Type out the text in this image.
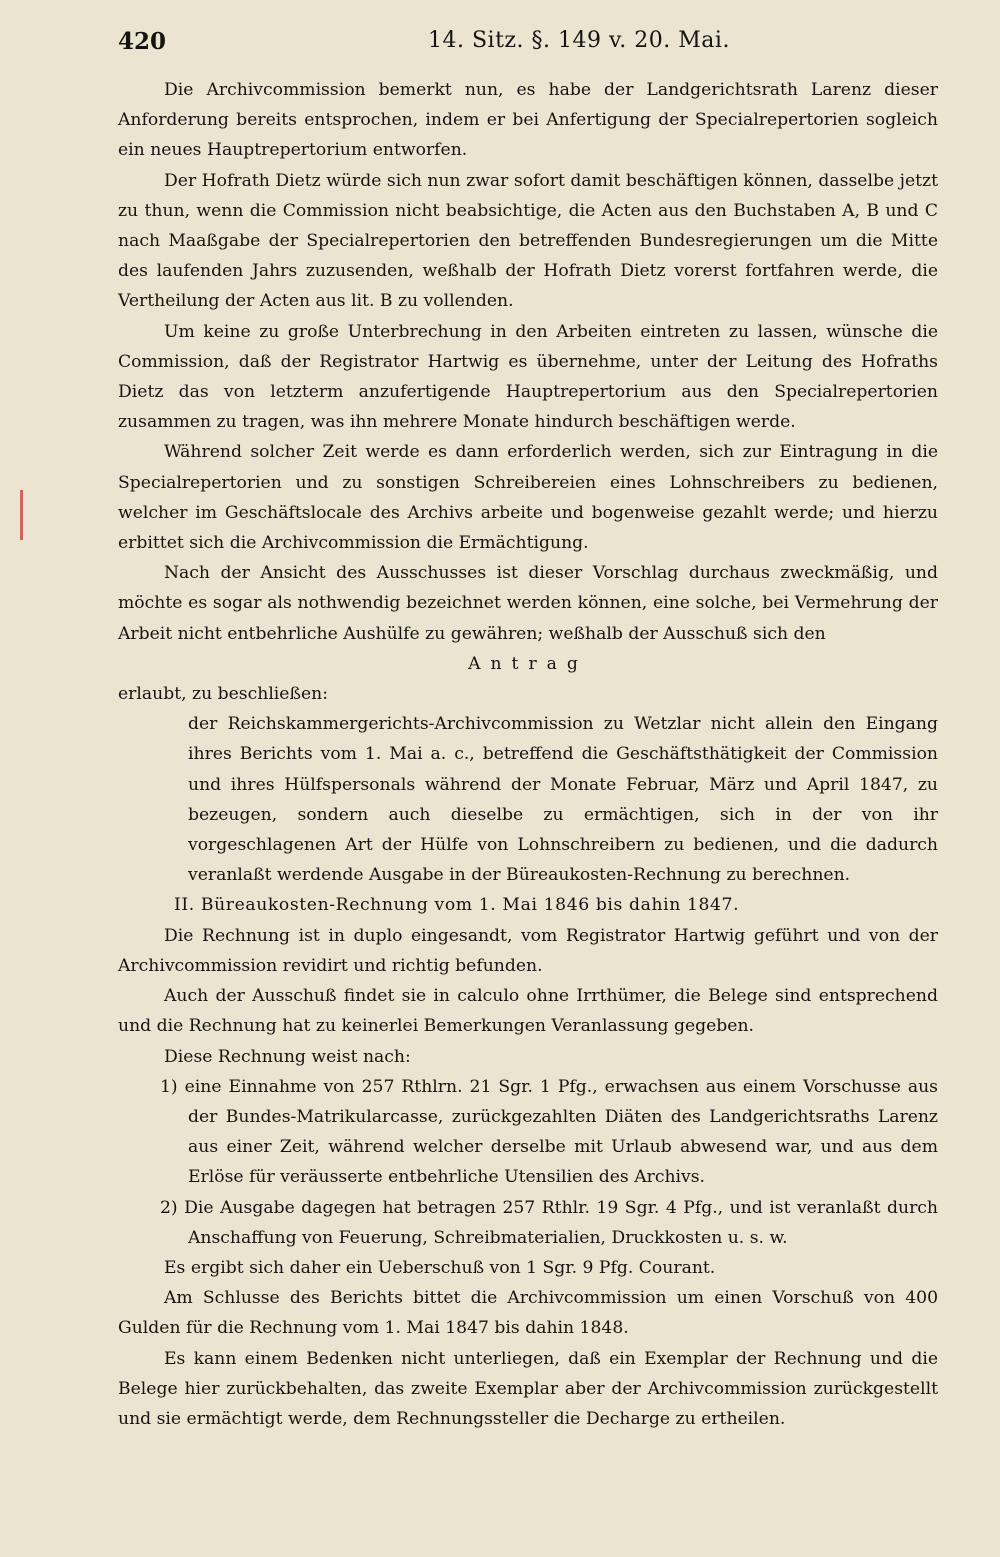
420	14. Sitz. §. 149 v. 20. Mai.

Die Archivcommission bemerkt nun, es habe der Landgerichtsrath Larenz dieser Anforderung bereits entsprochen, indem er bei Anfertigung der Specialrepertorien sogleich ein neues Hauptrepertorium entworfen.

Der Hofrath Dietz würde sich nun zwar sofort damit beschäftigen können, dasselbe jetzt zu thun, wenn die Commission nicht beabsichtige, die Acten aus den Buchstaben A, B und C nach Maaßgabe der Specialrepertorien den betreffenden Bundesregierungen um die Mitte des laufenden Jahrs zuzusenden, weßhalb der Hofrath Dietz vorerst fortfahren werde, die Vertheilung der Acten aus lit. B zu vollenden.

Um keine zu große Unterbrechung in den Arbeiten eintreten zu lassen, wünsche die Commission, daß der Registrator Hartwig es übernehme, unter der Leitung des Hofraths Dietz das von letzterm anzufertigende Hauptrepertorium aus den Specialrepertorien zusammen zu tragen, was ihn mehrere Monate hindurch beschäftigen werde.

Während solcher Zeit werde es dann erforderlich werden, sich zur Eintragung in die Specialrepertorien und zu sonstigen Schreibereien eines Lohnschreibers zu bedienen, welcher im Geschäftslocale des Archivs arbeite und bogenweise gezahlt werde; und hierzu erbittet sich die Archivcommission die Ermächtigung.

Nach der Ansicht des Ausschusses ist dieser Vorschlag durchaus zweckmäßig, und möchte es sogar als nothwendig bezeichnet werden können, eine solche, bei Vermehrung der Arbeit nicht entbehrliche Aushülfe zu gewähren; weßhalb der Ausschuß sich den

Antrag

erlaubt, zu beschließen:

der Reichskammergerichts-Archivcommission zu Wetzlar nicht allein den Eingang ihres Berichts vom 1. Mai a. c., betreffend die Geschäftsthätigkeit der Commission und ihres Hülfspersonals während der Monate Februar, März und April 1847, zu bezeugen, sondern auch dieselbe zu ermächtigen, sich in der von ihr vorgeschlagenen Art der Hülfe von Lohnschreibern zu bedienen, und die dadurch veranlaßt werdende Ausgabe in der Büreaukosten-Rechnung zu berechnen.

II. Büreaukosten-Rechnung vom 1. Mai 1846 bis dahin 1847.

Die Rechnung ist in duplo eingesandt, vom Registrator Hartwig geführt und von der Archivcommission revidirt und richtig befunden.

Auch der Ausschuß findet sie in calculo ohne Irrthümer, die Belege sind entsprechend und die Rechnung hat zu keinerlei Bemerkungen Veranlassung gegeben.

Diese Rechnung weist nach:

1) eine Einnahme von 257 Rthlrn. 21 Sgr. 1 Pfg., erwachsen aus einem Vorschusse aus der Bundes-Matrikularcasse, zurückgezahlten Diäten des Landgerichtsraths Larenz aus einer Zeit, während welcher derselbe mit Urlaub abwesend war, und aus dem Erlöse für veräusserte entbehrliche Utensilien des Archivs.

2) Die Ausgabe dagegen hat betragen 257 Rthlr. 19 Sgr. 4 Pfg., und ist veranlaßt durch Anschaffung von Feuerung, Schreibmaterialien, Druckkosten u. s. w.

Es ergibt sich daher ein Ueberschuß von 1 Sgr. 9 Pfg. Courant.

Am Schlusse des Berichts bittet die Archivcommission um einen Vorschuß von 400 Gulden für die Rechnung vom 1. Mai 1847 bis dahin 1848.

Es kann einem Bedenken nicht unterliegen, daß ein Exemplar der Rechnung und die Belege hier zurückbehalten, das zweite Exemplar aber der Archivcommission zurückgestellt und sie ermächtigt werde, dem Rechnungssteller die Decharge zu ertheilen.
